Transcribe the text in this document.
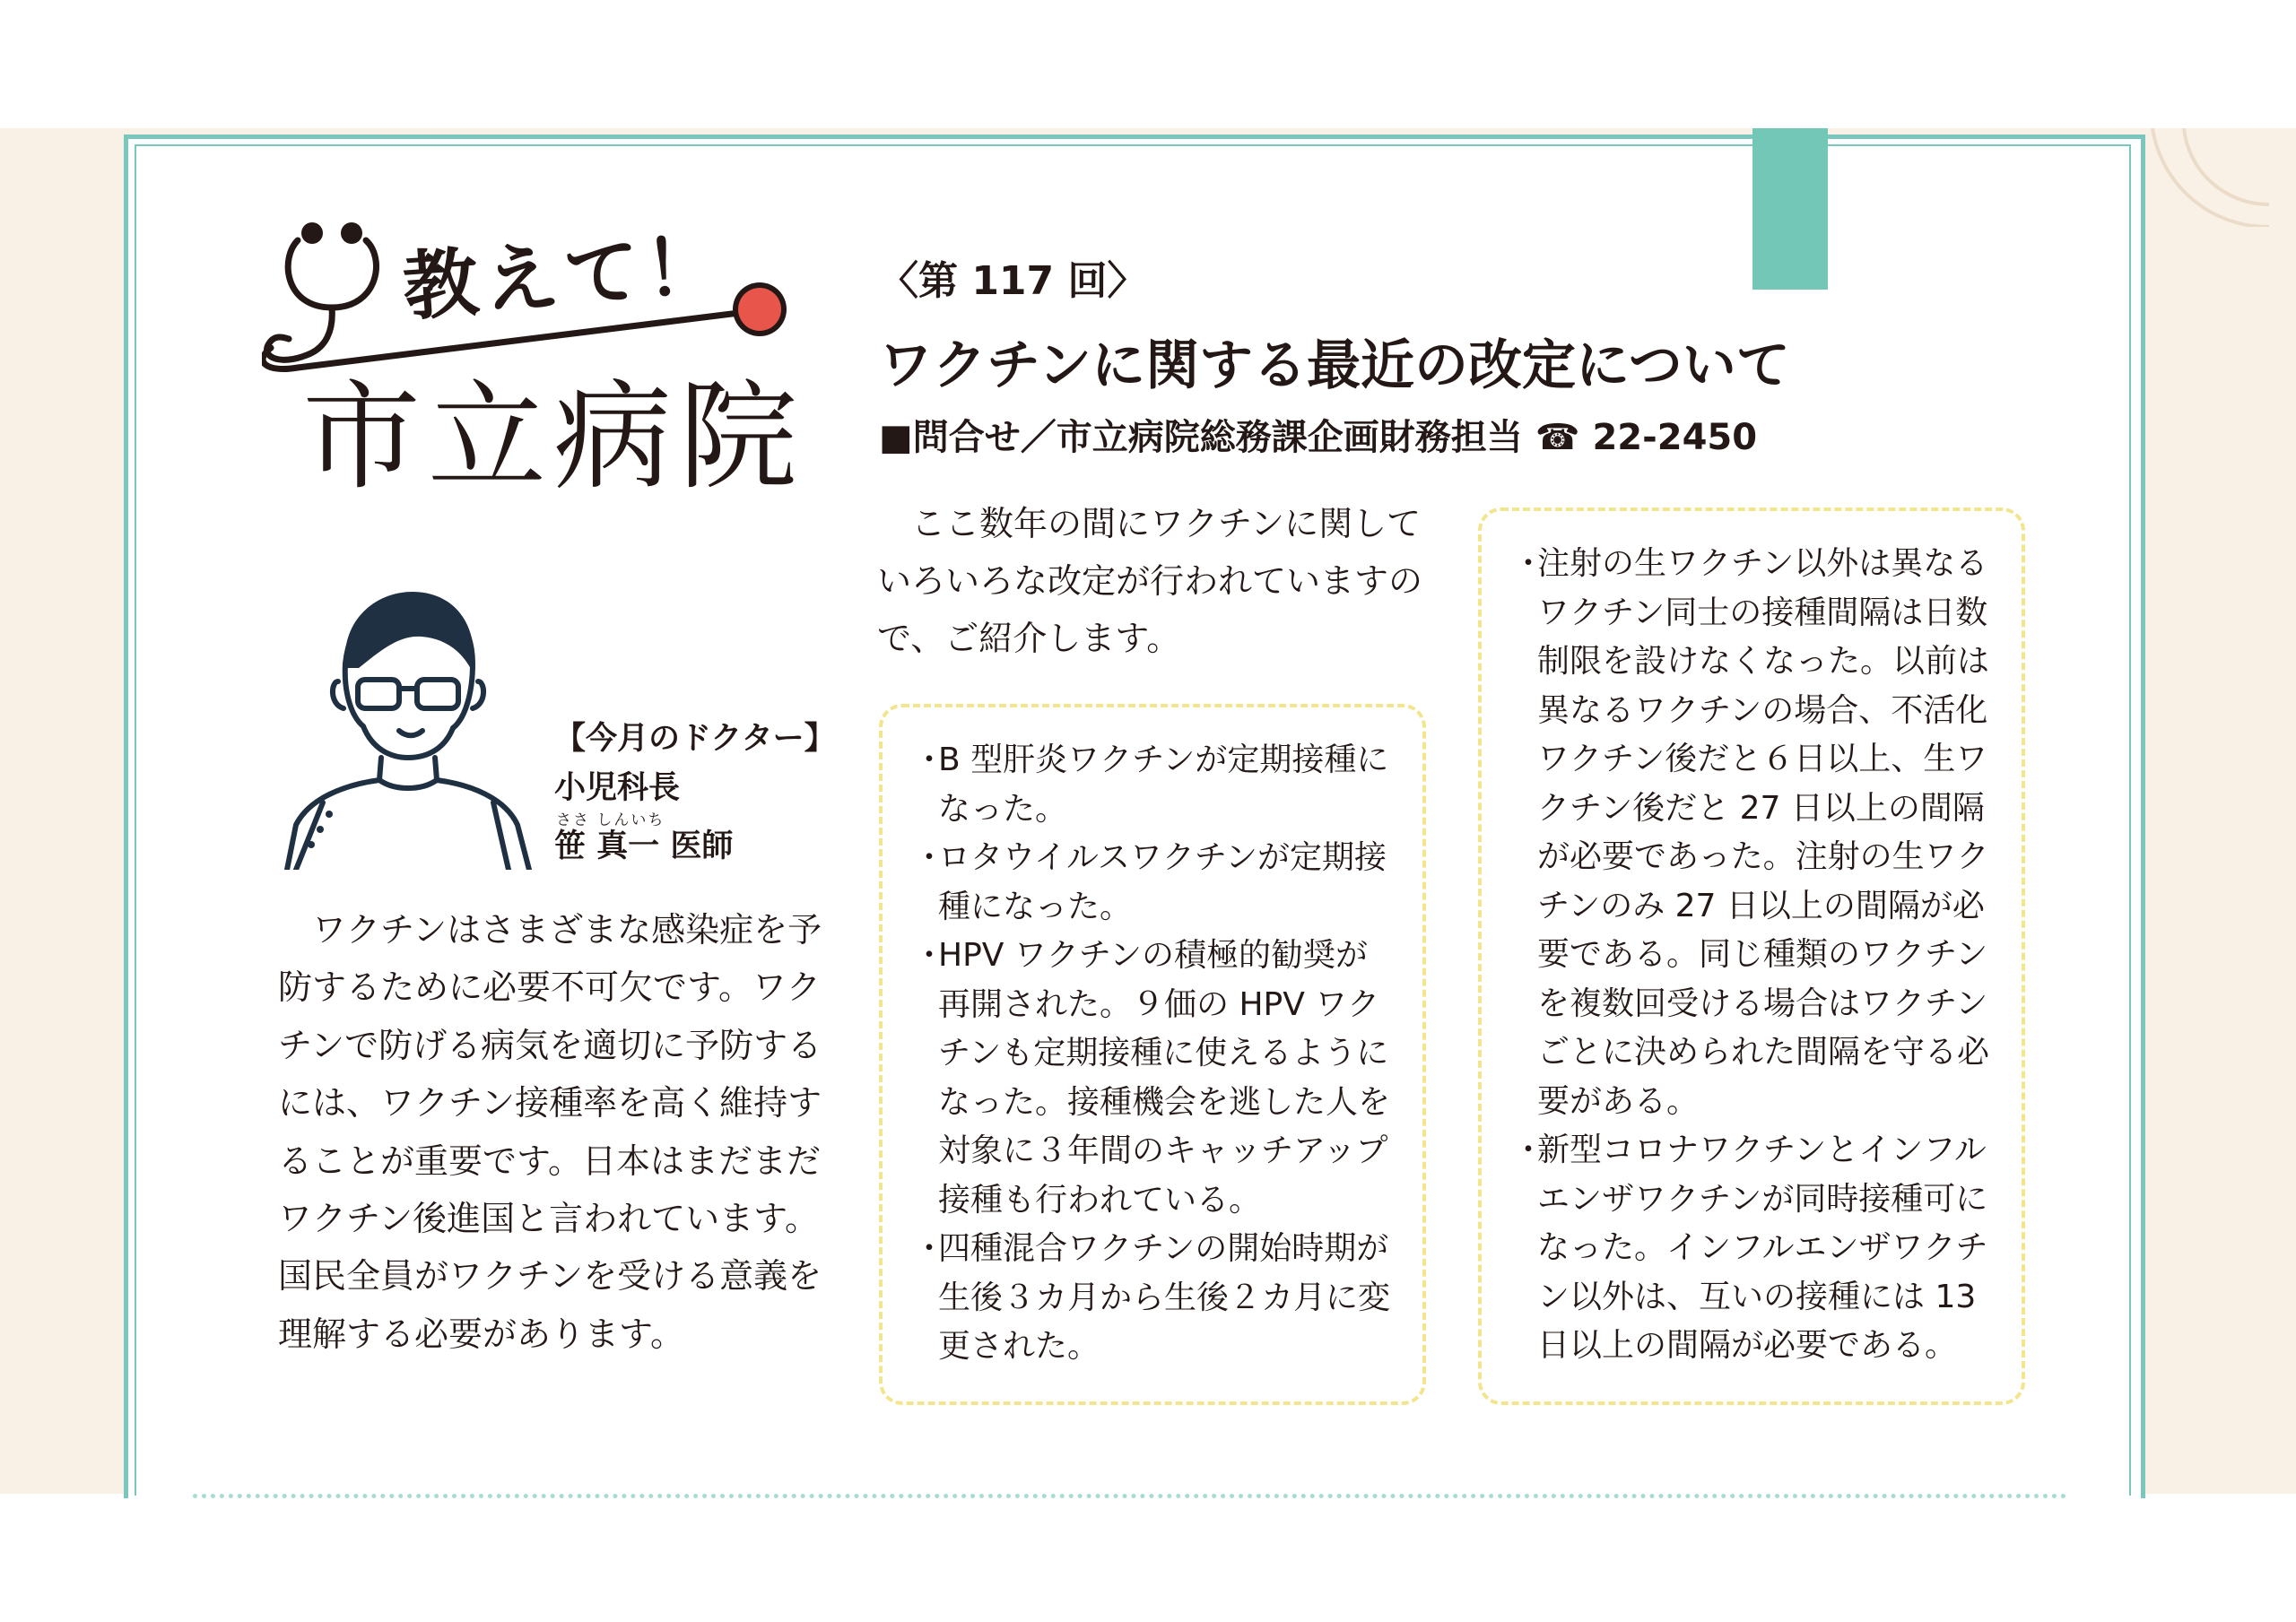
教えて！
市立病院
〈第 117 回〉
ワクチンに関する最近の改定について
■問合せ／市立病院総務課企画財務担当 ☎ 22-2450
【今月のドクター】
小児科長
ささ しんいち
笹 真一 医師

　ワクチンはさまざまな感染症を予防するために必要不可欠です。ワクチンで防げる病気を適切に予防するには、ワクチン接種率を高く維持することが重要です。日本はまだまだワクチン後進国と言われています。国民全員がワクチンを受ける意義を理解する必要があります。

　ここ数年の間にワクチンに関していろいろな改定が行われていますので、ご紹介します。

・
B 型肝炎ワクチンが定期接種になった。
・
ロタウイルスワクチンが定期接種になった。
・
HPV ワクチンの積極的勧奨が再開された。９価の HPV ワクチンも定期接種に使えるようになった。接種機会を逃した人を対象に３年間のキャッチアップ接種も行われている。
・
四種混合ワクチンの開始時期が生後３カ月から生後２カ月に変更された。
・
注射の生ワクチン以外は異なるワクチン同士の接種間隔は日数制限を設けなくなった。以前は異なるワクチンの場合、不活化ワクチン後だと６日以上、生ワクチン後だと 27 日以上の間隔が必要であった。注射の生ワクチンのみ 27 日以上の間隔が必要である。同じ種類のワクチンを複数回受ける場合はワクチンごとに決められた間隔を守る必要がある。
・
新型コロナワクチンとインフルエンザワクチンが同時接種可になった。インフルエンザワクチン以外は、互いの接種には 13 日以上の間隔が必要である。
